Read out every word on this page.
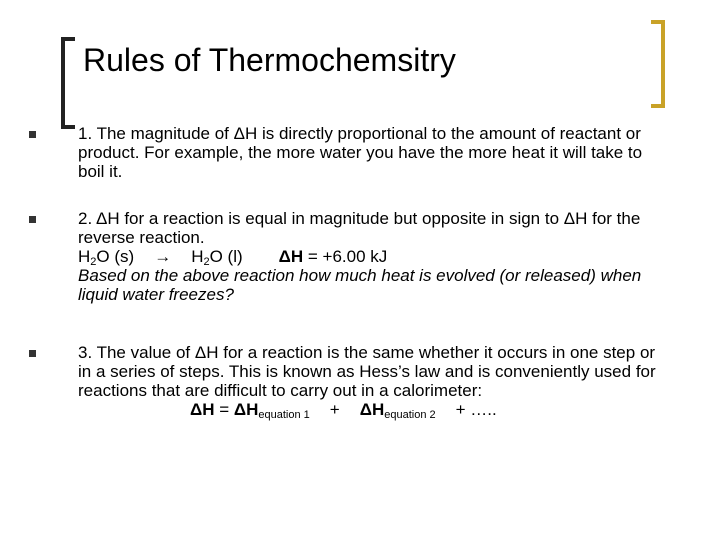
Rules of Thermochemsitry

1. The magnitude of ΔH is directly proportional to the amount of reactant or product. For example, the more water you have the more heat it will take to boil it.

2. ΔH for a reaction is equal in magnitude but opposite in sign to ΔH for the reverse reaction.

$H_2O$ $(s) \to H_2O$ (l) ΔH = +6.00 kJ

Based on the above reaction how much heat is evolved (or released) when liquid water freezes?

3. The value of ΔH for a reaction is the same whether it occurs in one step or in a series of steps. This is known as Hess’s law and is conveniently used for reactions that are difficult to carry out in a calorimeter:

$\Delta H = \Delta H_{equation 1} + \Delta H_{equation 2}$ + …..
